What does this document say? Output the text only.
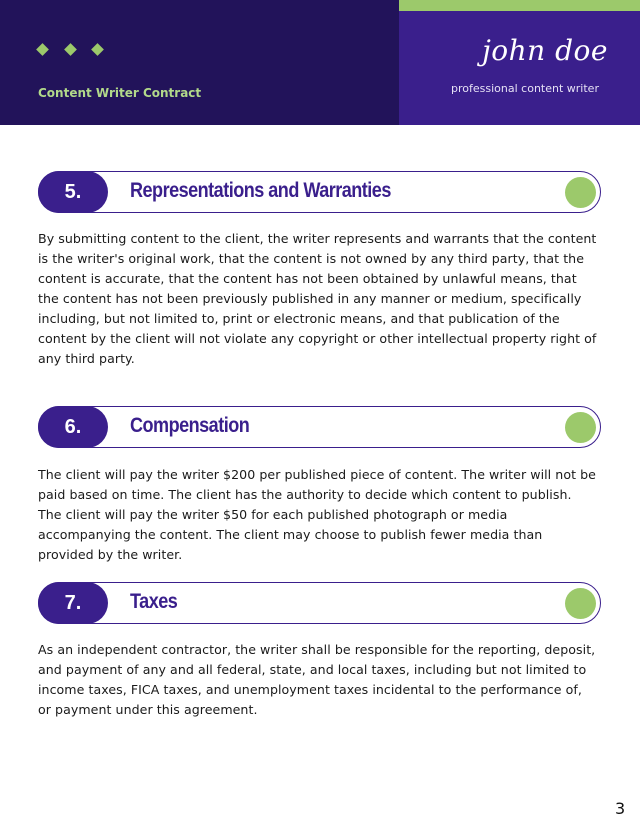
Content Writer Contract
john doe
professional content writer
5.	Representations and Warranties

By submitting content to the client, the writer represents and warrants that the content is the writer's original work, that the content is not owned by any third party, that the content is accurate, that the content has not been obtained by unlawful means, that the content has not been previously published in any manner or medium, specifically including, but not limited to, print or electronic means, and that publication of the content by the client will not violate any copyright or other intellectual property right of any third party.

6.	Compensation

The client will pay the writer $200 per published piece of content. The writer will not be paid based on time. The client has the authority to decide which content to publish. The client will pay the writer $50 for each published photograph or media accompanying the content. The client may choose to publish fewer media than provided by the writer.

7.	Taxes

As an independent contractor, the writer shall be responsible for the reporting, deposit, and payment of any and all federal, state, and local taxes, including but not limited to income taxes, FICA taxes, and unemployment taxes incidental to the performance of, or payment under this agreement.

3
